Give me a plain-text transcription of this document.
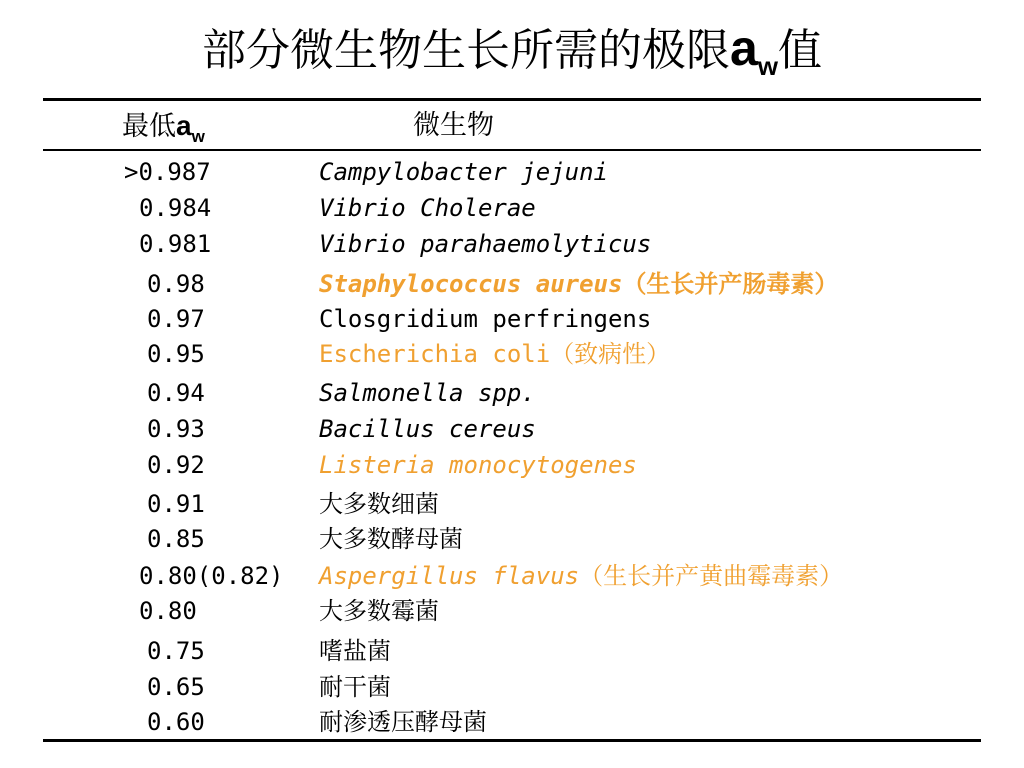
部分微生物生长所需的极限$a_w$值
最低$a_w$	微生物
>0.987	Campylobacter jejuni
0.984	Vibrio Cholerae
0.981	Vibrio parahaemolyticus
0.98	Staphylococcus aureus（生长并产肠毒素）
0.97	Closgridium perfringens
0.95	Escherichia coli（致病性）
0.94	Salmonella spp.
0.93	Bacillus cereus
0.92	Listeria monocytogenes
0.91	大多数细菌
0.85	大多数酵母菌
0.80(0.82) Aspergillus flavus（生长并产黄曲霉毒素）
0.80	大多数霉菌
0.75	嗜盐菌
0.65	耐干菌
0.60	耐渗透压酵母菌
